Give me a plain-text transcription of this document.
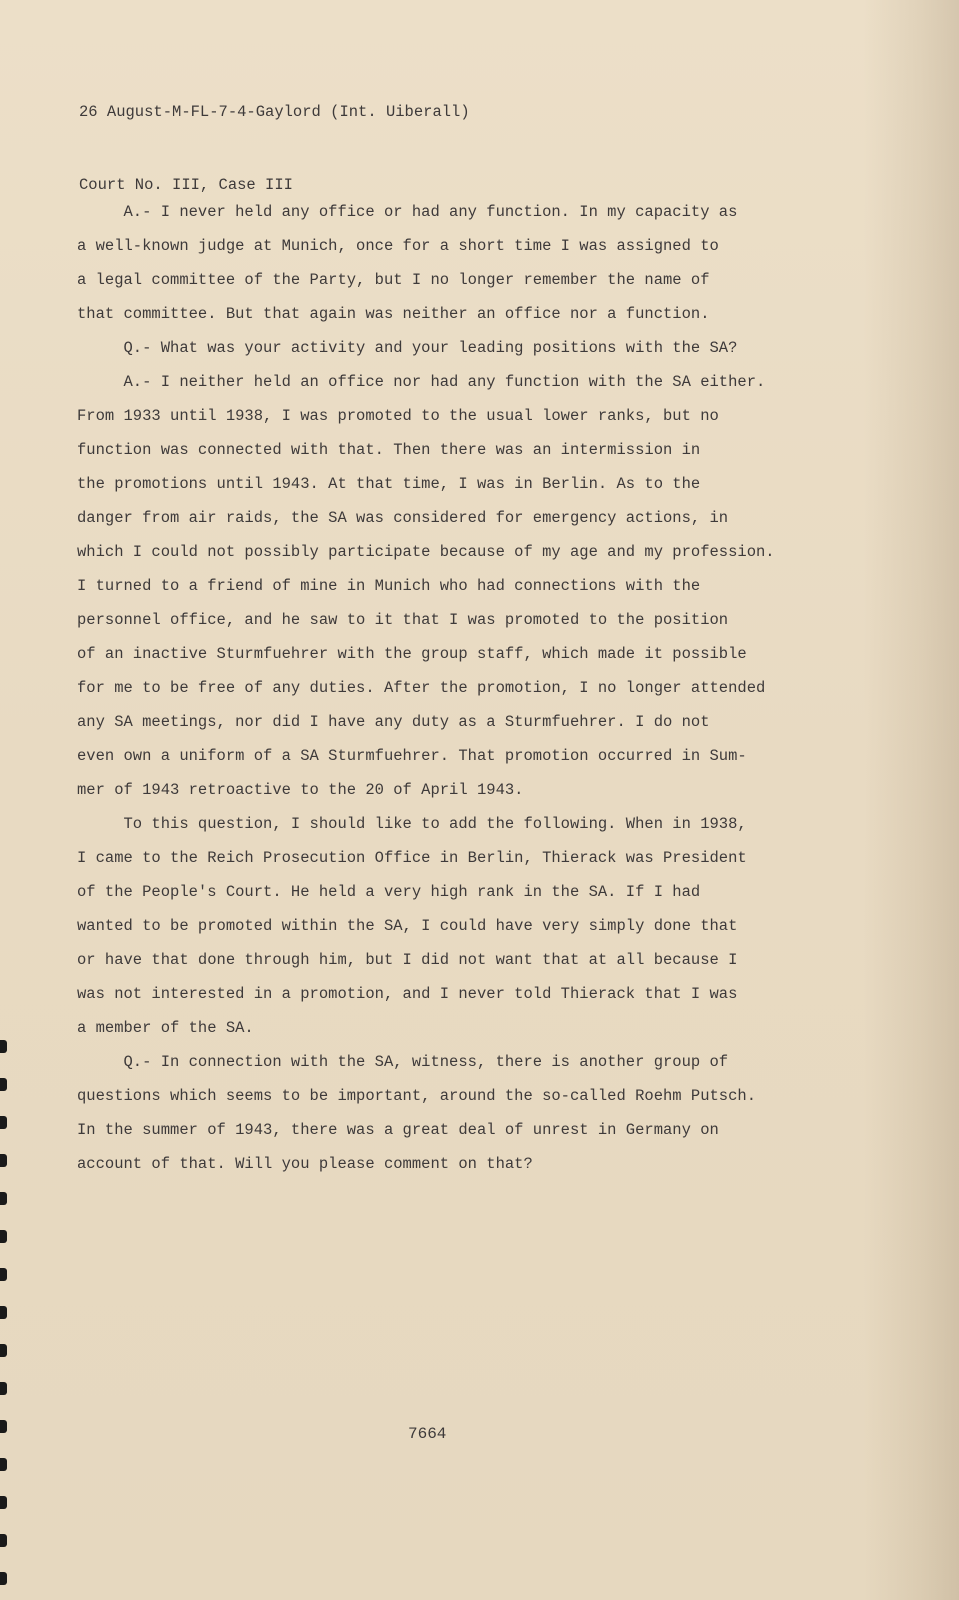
26 August-M-FL-7-4-Gaylord (Int. Uiberall)

Court No. III, Case III

A.- I never held any office or had any function. In my capacity as
a well-known judge at Munich, once for a short time I was assigned to
a legal committee of the Party, but I no longer remember the name of
that committee. But that again was neither an office nor a function.
Q.- What was your activity and your leading positions with the SA?
A.- I neither held an office nor had any function with the SA either.
From 1933 until 1938, I was promoted to the usual lower ranks, but no
function was connected with that. Then there was an intermission in
the promotions until 1943. At that time, I was in Berlin. As to the
danger from air raids, the SA was considered for emergency actions, in
which I could not possibly participate because of my age and my profession.
I turned to a friend of mine in Munich who had connections with the
personnel office, and he saw to it that I was promoted to the position
of an inactive Sturmfuehrer with the group staff, which made it possible
for me to be free of any duties. After the promotion, I no longer attended
any SA meetings, nor did I have any duty as a Sturmfuehrer. I do not
even own a uniform of a SA Sturmfuehrer. That promotion occurred in Sum-
mer of 1943 retroactive to the 20 of April 1943.
To this question, I should like to add the following. When in 1938,
I came to the Reich Prosecution Office in Berlin, Thierack was President
of the People's Court. He held a very high rank in the SA. If I had
wanted to be promoted within the SA, I could have very simply done that
or have that done through him, but I did not want that at all because I
was not interested in a promotion, and I never told Thierack that I was
a member of the SA.
Q.- In connection with the SA, witness, there is another group of
questions which seems to be important, around the so-called Roehm Putsch.
In the summer of 1943, there was a great deal of unrest in Germany on
account of that. Will you please comment on that?
7664
